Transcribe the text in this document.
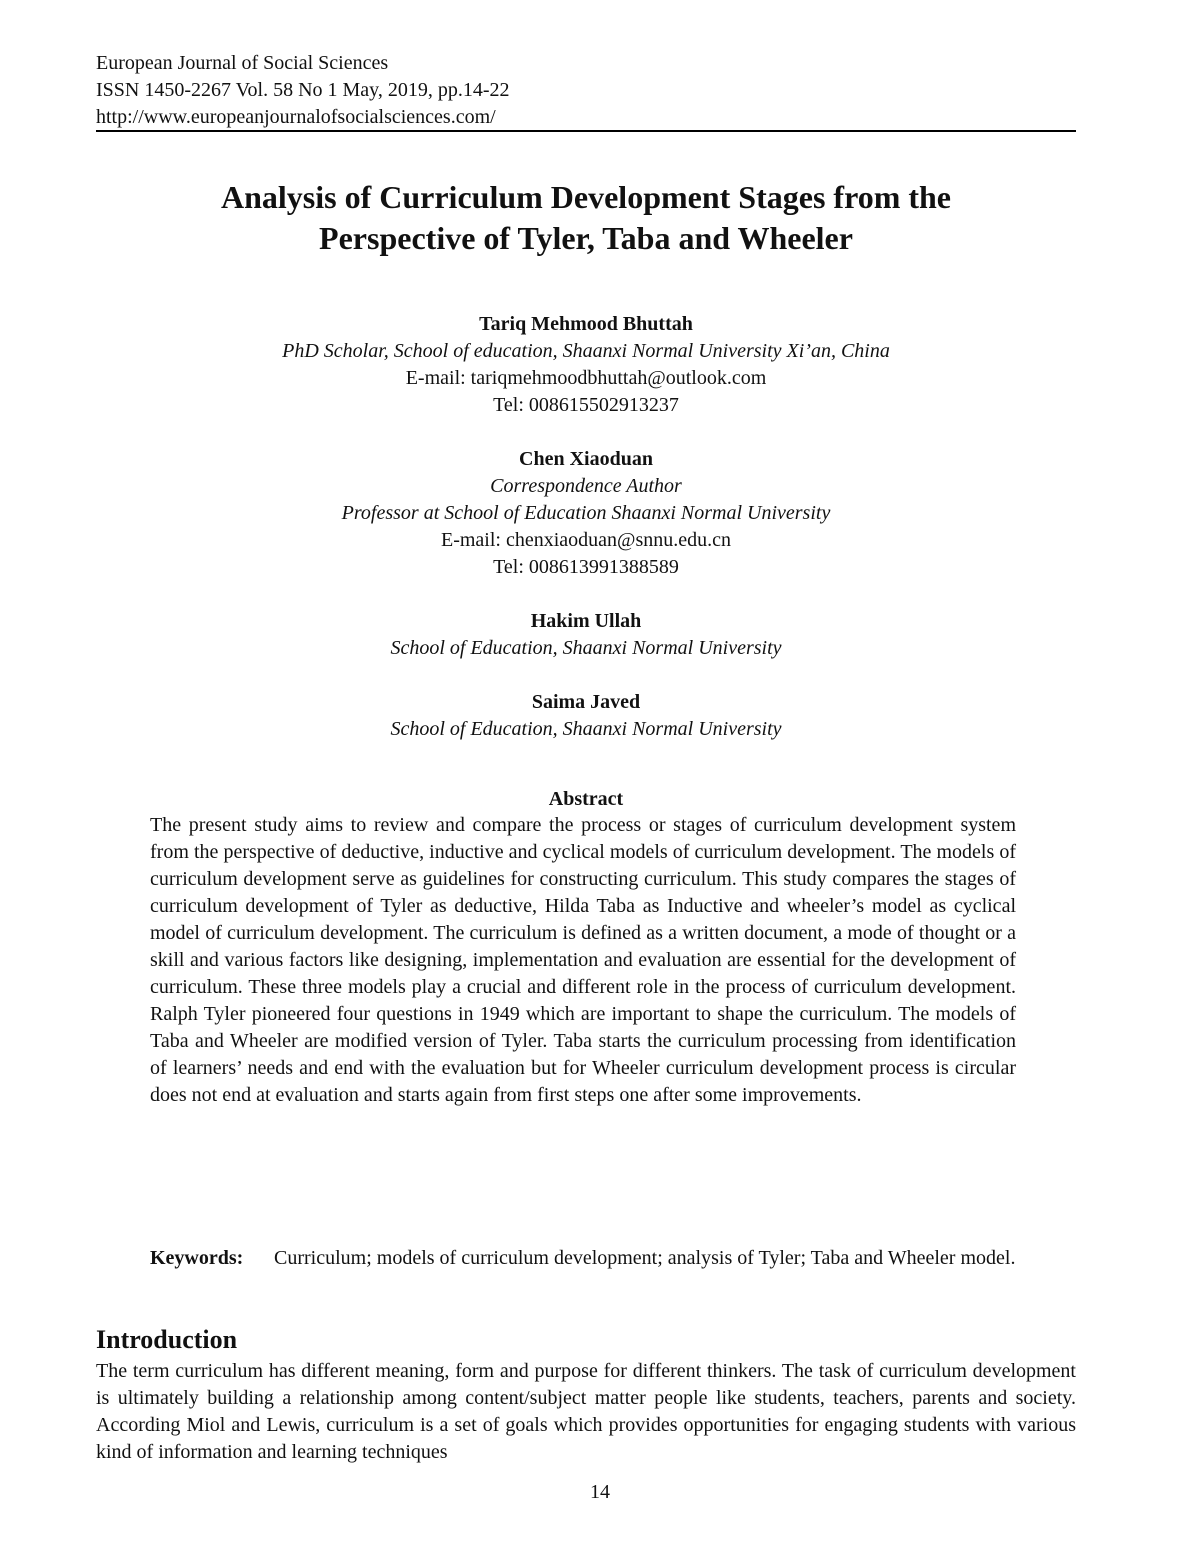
European Journal of Social Sciences
ISSN 1450-2267 Vol. 58 No 1 May, 2019, pp.14-22
http://www.europeanjournalofsocialsciences.com/
Analysis of Curriculum Development Stages from the
Perspective of Tyler, Taba and Wheeler
Tariq Mehmood Bhuttah
PhD Scholar, School of education, Shaanxi Normal University Xi’an, China
E-mail: tariqmehmoodbhuttah@outlook.com
Tel: 008615502913237
Chen Xiaoduan
Correspondence Author
Professor at School of Education Shaanxi Normal University
E-mail: chenxiaoduan@snnu.edu.cn
Tel: 008613991388589
Hakim Ullah
School of Education, Shaanxi Normal University
Saima Javed
School of Education, Shaanxi Normal University
Abstract

The present study aims to review and compare the process or stages of curriculum development system from the perspective of deductive, inductive and cyclical models of curriculum development. The models of curriculum development serve as guidelines for constructing curriculum. This study compares the stages of curriculum development of Tyler as deductive, Hilda Taba as Inductive and wheeler’s model as cyclical model of curriculum development. The curriculum is defined as a written document, a mode of thought or a skill and various factors like designing, implementation and evaluation are essential for the development of curriculum. These three models play a crucial and different role in the process of curriculum development. Ralph Tyler pioneered four questions in 1949 which are important to shape the curriculum. The models of Taba and Wheeler are modified version of Tyler. Taba starts the curriculum processing from identification of learners’ needs and end with the evaluation but for Wheeler curriculum development process is circular does not end at evaluation and starts again from first steps one after some improvements.

Keywords: Curriculum; models of curriculum development; analysis of Tyler; Taba and Wheeler model.

Introduction

The term curriculum has different meaning, form and purpose for different thinkers. The task of curriculum development is ultimately building a relationship among content/subject matter people like students, teachers, parents and society. According Miol and Lewis, curriculum is a set of goals which provides opportunities for engaging students with various kind of information and learning techniques

14
